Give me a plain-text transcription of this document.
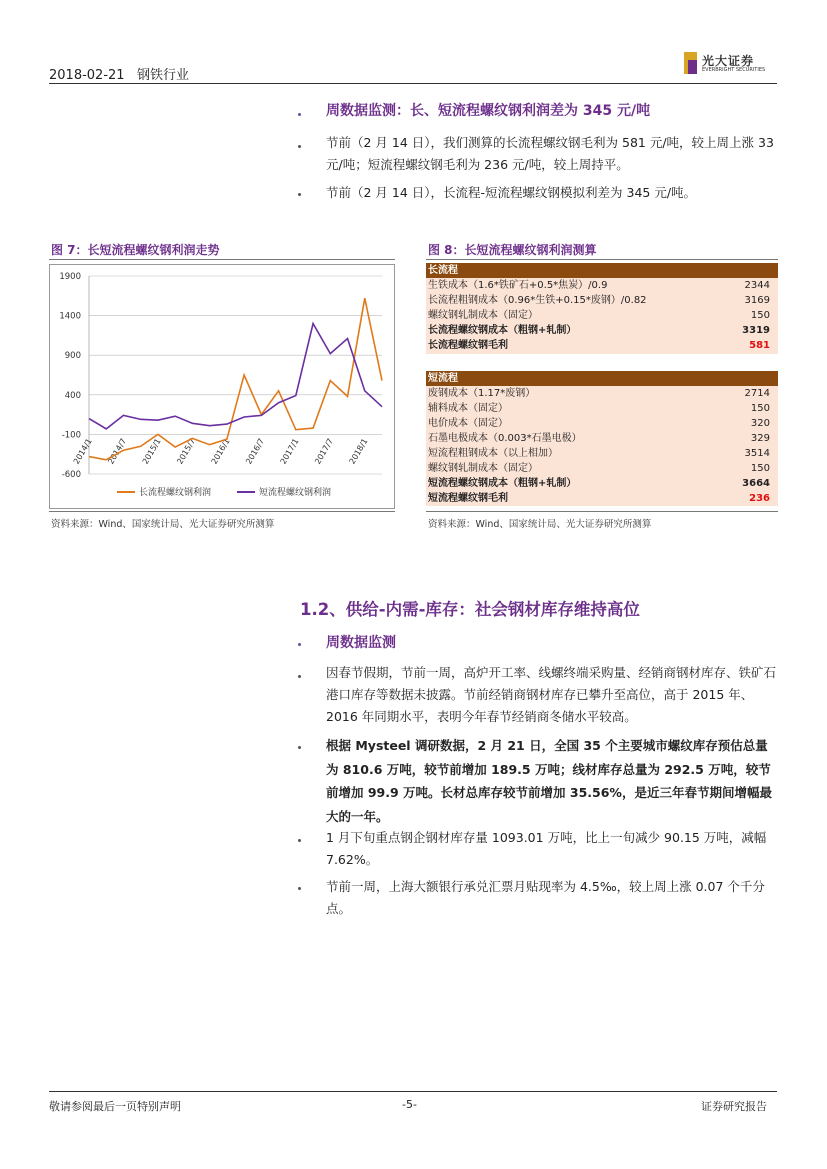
2018-02-21 钢铁行业
光大证券
EVERBRIGHT SECURITIES
周数据监测：长、短流程螺纹钢利润差为 345 元/吨
节前（2 月 14 日），我们测算的长流程螺纹钢毛利为 581 元/吨，较上周上涨 33 元/吨；短流程螺纹钢毛利为 236 元/吨，较上周持平。
节前（2 月 14 日），长流程-短流程螺纹钢模拟利差为 345 元/吨。
图 7：长短流程螺纹钢利润走势
1900
1400
900
400
-100
-600
2014/1 2014/7 2015/1 2015/7 2016/1 2016/7 2017/1 2017/7 2018/1
长流程螺纹钢利润	短流程螺纹钢利润
资料来源：Wind、国家统计局、光大证券研究所测算
图 8：长短流程螺纹钢利润测算
长流程
生铁成本（1.6*铁矿石+0.5*焦炭）/0.9	2344
长流程粗钢成本（0.96*生铁+0.15*废钢）/0.82	3169
螺纹钢轧制成本（固定）	150
长流程螺纹钢成本（粗钢+轧制）	3319
长流程螺纹钢毛利	581
短流程
废钢成本（1.17*废钢）	2714
辅料成本（固定）	150
电价成本（固定）	320
石墨电极成本（0.003*石墨电极）	329
短流程粗钢成本（以上相加）	3514
螺纹钢轧制成本（固定）	150
短流程螺纹钢成本（粗钢+轧制）	3664
短流程螺纹钢毛利	236
资料来源：Wind、国家统计局、光大证券研究所测算
1.2、供给-内需-库存：社会钢材库存维持高位
周数据监测
因春节假期，节前一周，高炉开工率、线螺终端采购量、经销商钢材库存、铁矿石港口库存等数据未披露。节前经销商钢材库存已攀升至高位，高于 2015 年、2016 年同期水平，表明今年春节经销商冬储水平较高。
根据 Mysteel 调研数据，2 月 21 日，全国 35 个主要城市螺纹库存预估总量为 810.6 万吨，较节前增加 189.5 万吨；线材库存总量为 292.5 万吨，较节前增加 99.9 万吨。长材总库存较节前增加 35.56%，是近三年春节期间增幅最大的一年。
1 月下旬重点钢企钢材库存量 1093.01 万吨，比上一旬减少 90.15 万吨，减幅 7.62%。
节前一周，上海大额银行承兑汇票月贴现率为 4.5‰，较上周上涨 0.07 个千分点。
敬请参阅最后一页特别声明	-5-	证券研究报告
